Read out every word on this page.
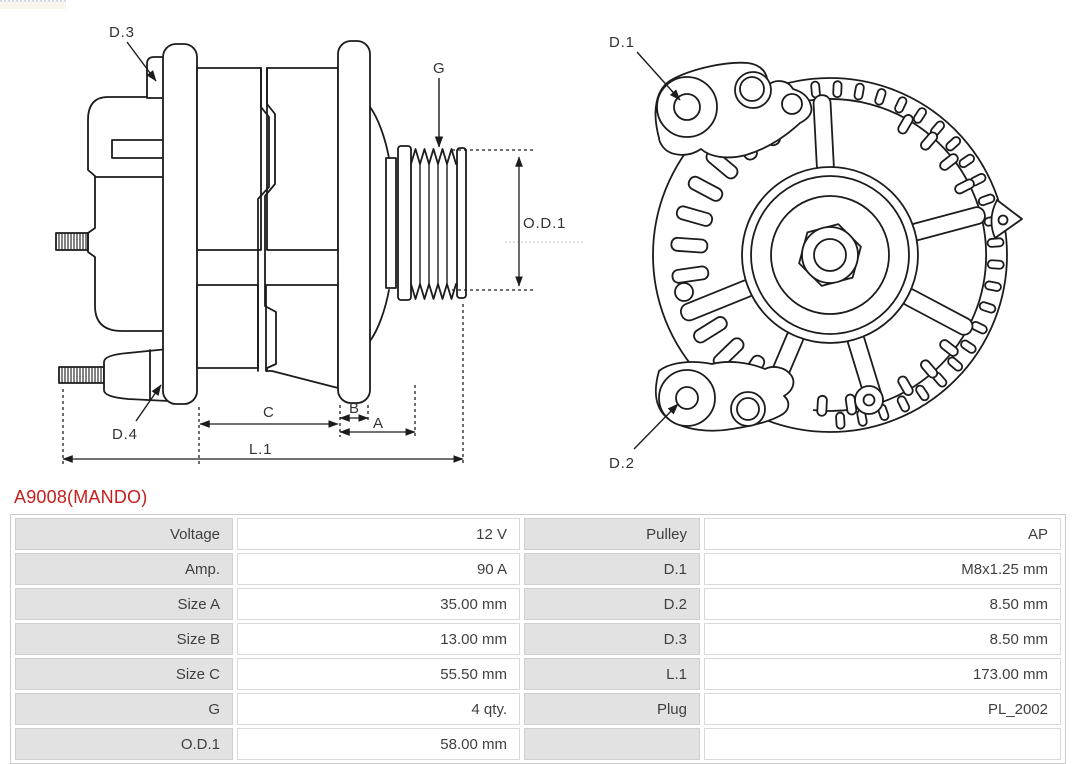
D.3
G
O.D.1
D.4
C	B
A
L.1
D.1
D.2
A9008(MANDO)
Voltage	12 V	Pulley	AP
Amp.	90 A	D.1	M8x1.25 mm
Size A	35.00 mm	D.2	8.50 mm
Size B	13.00 mm	D.3	8.50 mm
Size C	55.50 mm	L.1	173.00 mm
G	4 qty.	Plug	PL_2002
O.D.1	58.00 mm		
